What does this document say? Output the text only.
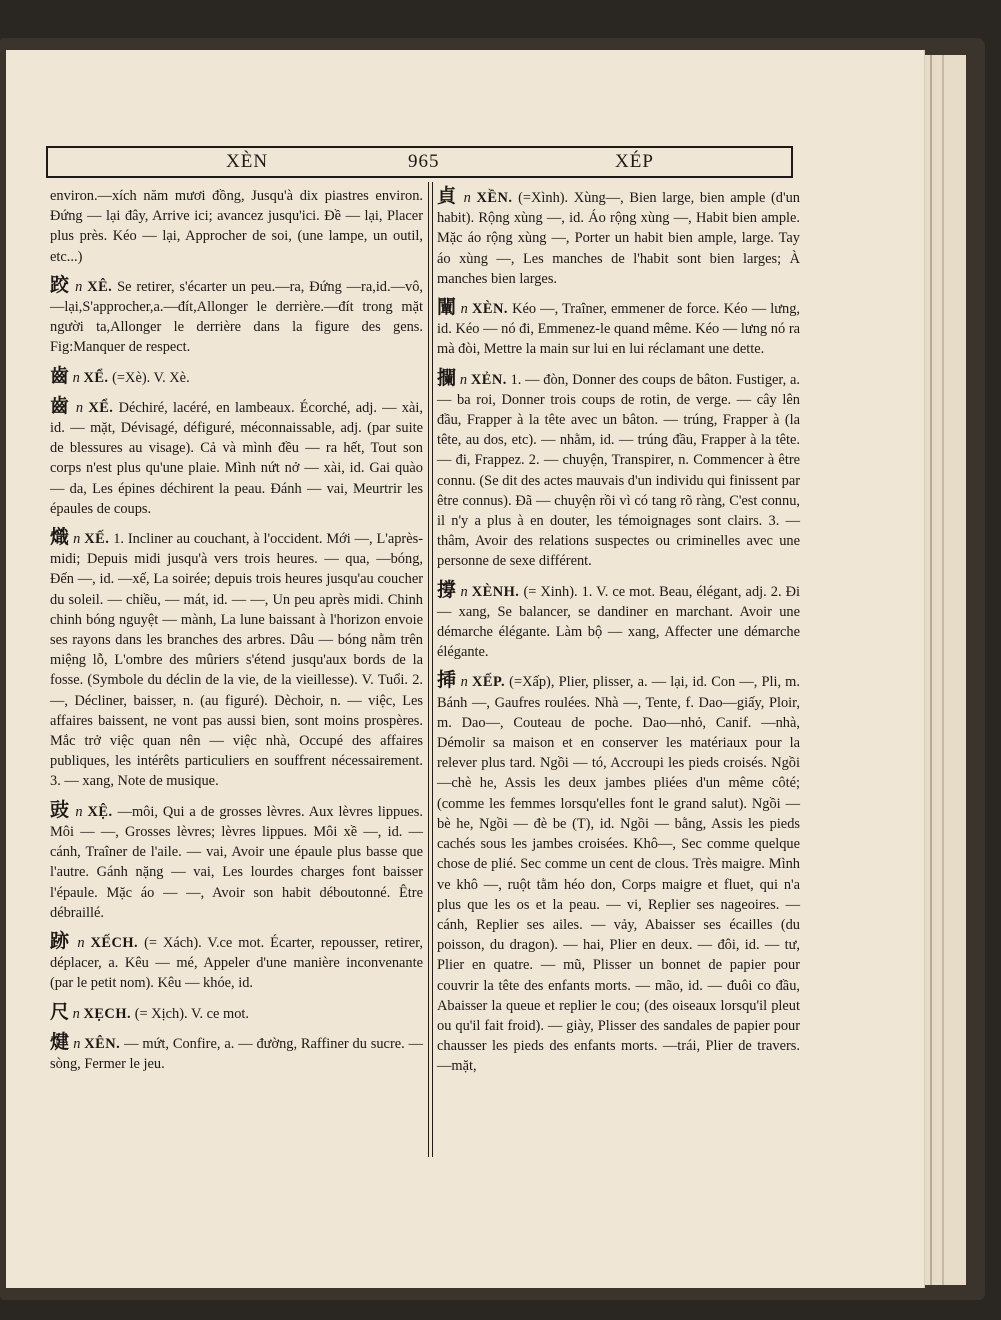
XÈN	965	XÉP

environ.—xích năm mươi đồng, Jusqu'à dix piastres environ. Đứng — lại đây, Arrive ici; avancez jusqu'ici. Đề — lại, Placer plus près. Kéo — lại, Approcher de soi, (une lampe, un outil, etc...)

跤 n XÊ. Se retirer, s'écarter un peu.—ra, Đứng —ra,id.—vô,—lại,S'approcher,a.—đít,Allonger le derrière.—đít trong mặt người ta,Allonger le derrière dans la figure des gens. Fig:Manquer de respect.

齒 n XỂ. (=Xè). V. Xè.

齒 n XỂ. Déchiré, lacéré, en lambeaux. Écorché, adj. — xài, id. — mặt, Dévisagé, défiguré, méconnaissable, adj. (par suite de blessures au visage). Cả và mình đều — ra hết, Tout son corps n'est plus qu'une plaie. Mình nứt nở — xài, id. Gai quào — da, Les épines déchirent la peau. Đánh — vai, Meurtrir les épaules de coups.

熾 n XẾ. 1. Incliner au couchant, à l'occident. Mới —, L'après-midi; Depuis midi jusqu'à vers trois heures. — qua, —bóng, Đến —, id. —xế, La soirée; depuis trois heures jusqu'au coucher du soleil. — chiều, — mát, id. — —, Un peu après midi. Chinh chinh bóng nguyệt — mành, La lune baissant à l'horizon envoie ses rayons dans les branches des arbres. Dâu — bóng nằm trên miệng lỗ, L'ombre des mûriers s'étend jusqu'aux bords de la fosse. (Symbole du déclin de la vie, de la vieillesse). V. Tuổi. 2. —, Décliner, baisser, n. (au figuré). Dèchoir, n. — việc, Les affaires baissent, ne vont pas aussi bien, sont moins prospères. Mắc trở việc quan nên — việc nhà, Occupé des affaires publiques, les intérêts particuliers en souffrent nécessairement. 3. — xang, Note de musique.

豉 n XỆ. —môi, Qui a de grosses lèvres. Aux lèvres lippues. Môi — —, Grosses lèvres; lèvres lippues. Môi xề —, id. — cánh, Traîner de l'aile. — vai, Avoir une épaule plus basse que l'autre. Gánh nặng — vai, Les lourdes charges font baisser l'épaule. Mặc áo — —, Avoir son habit déboutonné. Être débraillé.

跡 n XẾCH. (= Xách). V.ce mot. Écarter, repousser, retirer, déplacer, a. Kêu — mé, Appeler d'une manière inconvenante (par le petit nom). Kêu — khóe, id.

尺 n XẸCH. (= Xịch). V. ce mot.

煡 n XÊN. — mứt, Confire, a. — đường, Raffiner du sucre. — sòng, Fermer le jeu.

貞 n XỀN. (=Xình). Xùng—, Bien large, bien ample (d'un habit). Rộng xùng —, id. Áo rộng xùng —, Habit bien ample. Mặc áo rộng xùng —, Porter un habit bien ample, large. Tay áo xùng —, Les manches de l'habit sont bien larges; À manches bien larges.

闡 n XÈN. Kéo —, Traîner, emmener de force. Kéo — lưng, id. Kéo — nó đi, Emmenez-le quand même. Kéo — lưng nó ra mà đòi, Mettre la main sur lui en lui réclamant une dette.

攔 n XẺN. 1. — đòn, Donner des coups de bâton. Fustiger, a. — ba roi, Donner trois coups de rotin, de verge. — cây lên đầu, Frapper à la tête avec un bâton. — trúng, Frapper à (la tête, au dos, etc). — nhằm, id. — trúng đầu, Frapper à la tête. — đi, Frappez. 2. — chuyện, Transpirer, n. Commencer à être connu. (Se dit des actes mauvais d'un individu qui finissent par être connus). Đã — chuyện rồi vì có tang rõ ràng, C'est connu, il n'y a plus à en douter, les témoignages sont clairs. 3. — thâm, Avoir des relations suspectes ou criminelles avec une personne de sexe différent.

撐 n XÈNH. (= Xinh). 1. V. ce mot. Beau, élégant, adj. 2. Đi — xang, Se balancer, se dandiner en marchant. Avoir une démarche élégante. Làm bộ — xang, Affecter une démarche élégante.

揷 n XẾP. (=Xấp), Plier, plisser, a. — lại, id. Con —, Pli, m. Bánh —, Gaufres roulées. Nhà —, Tente, f. Dao—giấy, Ploir, m. Dao—, Couteau de poche. Dao—nhỏ, Canif. —nhà, Démolir sa maison et en conserver les matériaux pour la relever plus tard. Ngồi — tó, Accroupi les pieds croisés. Ngồi—chè he, Assis les deux jambes pliées d'un même côté; (comme les femmes lorsqu'elles font le grand salut). Ngồi — bè he, Ngồi — đè be (T), id. Ngồi — bằng, Assis les pieds cachés sous les jambes croisées. Khô—, Sec comme quelque chose de plié. Sec comme un cent de clous. Très maigre. Mình ve khô —, ruột tằm héo don, Corps maigre et fluet, qui n'a plus que les os et la peau. — vi, Replier ses nageoires. — cánh, Replier ses ailes. — vảy, Abaisser ses écailles (du poisson, du dragon). — hai, Plier en deux. — đôi, id. — tư, Plier en quatre. — mũ, Plisser un bonnet de papier pour couvrir la tête des enfants morts. — mão, id. — đuôi co đầu, Abaisser la queue et replier le cou; (des oiseaux lorsqu'il pleut ou qu'il fait froid). — giày, Plisser des sandales de papier pour chausser les pieds des enfants morts. —trái, Plier de travers. —mặt,
